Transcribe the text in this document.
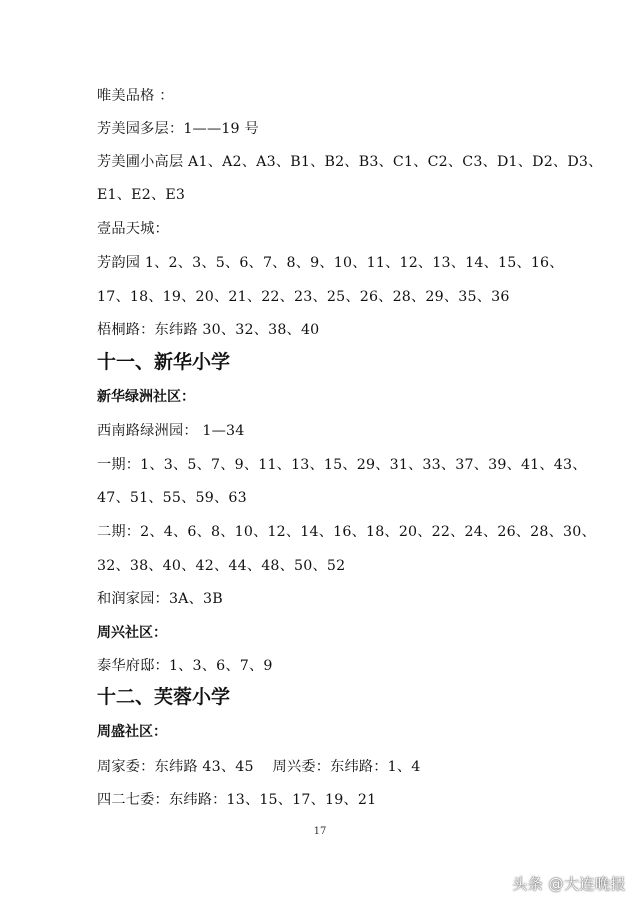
唯美品格 ：
芳美园多层：1——19 号
芳美圃小高层 A1、A2、A3、B1、B2、B3、C1、C2、C3、D1、D2、D3、
E1、E2、E3
壹品天城：
芳韵园 1、2、3、5、6、7、8、9、10、11、12、13、14、15、16、
17、18、19、20、21、22、23、25、26、28、29、35、36
梧桐路：东纬路 30、32、38、40
十一、新华小学
新华绿洲社区：
西南路绿洲园： 1—34
一期：1、3、5、7、9、11、13、15、29、31、33、37、39、41、43、
47、51、55、59、63
二期：2、4、6、8、10、12、14、16、18、20、22、24、26、28、30、
32、38、40、42、44、48、50、52
和润家园：3A、3B
周兴社区：
泰华府邸：1、3、6、7、9
十二、芙蓉小学
周盛社区：
周家委：东纬路 43、45    周兴委：东纬路：1、4
四二七委：东纬路：13、15、17、19、21
17
头条 @大连晚报
